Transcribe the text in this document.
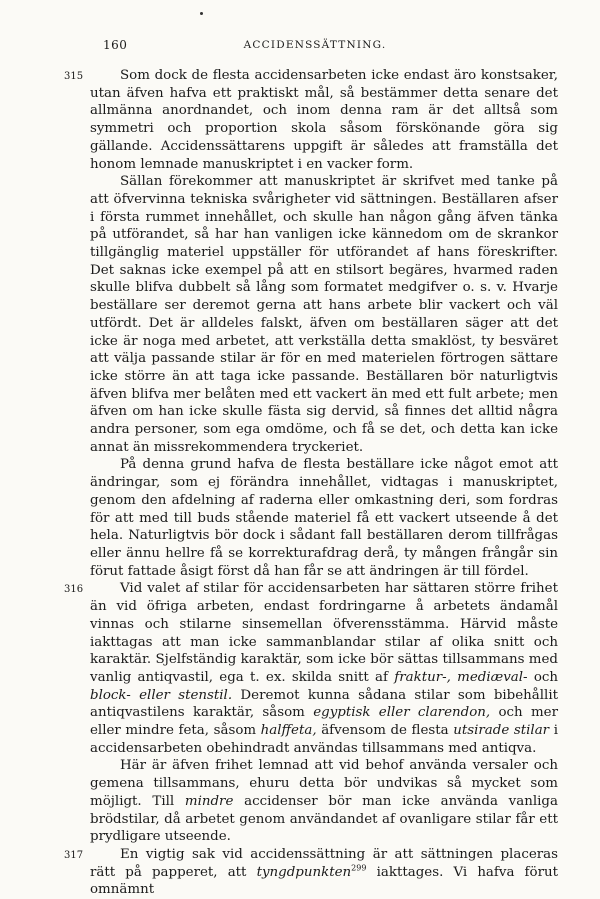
160	ACCIDENSSÄTTNING.

315	Som dock de flesta accidensarbeten icke endast äro konstsaker, utan äfven hafva ett praktiskt mål, så bestämmer detta senare det allmänna anordnandet, och inom denna ram är det alltså som symmetri och proportion skola såsom förskönande göra sig gällande. Accidenssättarens uppgift är således att framställa det honom lemnade manuskriptet i en vacker form.

Sällan förekommer att manuskriptet är skrifvet med tanke på att öfvervinna tekniska svårigheter vid sättningen. Beställaren afser i första rummet innehållet, och skulle han någon gång äfven tänka på utförandet, så har han vanligen icke kännedom om de skrankor tillgänglig materiel uppställer för utförandet af hans föreskrifter. Det saknas icke exempel på att en stilsort begäres, hvarmed raden skulle blifva dubbelt så lång som formatet medgifver o. s. v. Hvarje beställare ser deremot gerna att hans arbete blir vackert och väl utfördt. Det är alldeles falskt, äfven om beställaren säger att det icke är noga med arbetet, att verkställa detta smaklöst, ty besväret att välja passande stilar är för en med materielen förtrogen sättare icke större än att taga icke passande. Beställaren bör naturligtvis äfven blifva mer belåten med ett vackert än med ett fult arbete; men äfven om han icke skulle fästa sig dervid, så finnes det alltid några andra personer, som ega omdöme, och få se det, och detta kan icke annat än missrekommendera tryckeriet.

På denna grund hafva de flesta beställare icke något emot att ändringar, som ej förändra innehållet, vidtagas i manuskriptet, genom den afdelning af raderna eller omkastning deri, som fordras för att med till buds stående materiel få ett vackert utseende å det hela. Naturligtvis bör dock i sådant fall beställaren derom tillfrågas eller ännu hellre få se korrekturafdrag derå, ty mången frångår sin förut fattade åsigt först då han får se att ändringen är till fördel.

316	Vid valet af stilar för accidensarbeten har sättaren större frihet än vid öfriga arbeten, endast fordringarne å arbetets ändamål vinnas och stilarne sinsemellan öfverensstämma. Härvid måste iakttagas att man icke sammanblandar stilar af olika snitt och karaktär. Sjelfständig karaktär, som icke bör sättas tillsammans med vanlig antiqvastil, ega t. ex. skilda snitt af fraktur-, mediæval- och block- eller stenstil. Deremot kunna sådana stilar som bibehållit antiqvastilens karaktär, såsom egyptisk eller clarendon, och mer eller mindre feta, såsom halffeta, äfvensom de flesta utsirade stilar i accidensarbeten obehindradt användas tillsammans med antiqva.

Här är äfven frihet lemnad att vid behof använda versaler och gemena tillsammans, ehuru detta bör undvikas så mycket som möjligt. Till mindre accidenser bör man icke använda vanliga brödstilar, då arbetet genom användandet af ovanligare stilar får ett prydligare utseende.

317	En vigtig sak vid accidenssättning är att sättningen placeras rätt på papperet, att tyngdpunkten$^{299}$ iakttages. Vi hafva förut omnämnt
